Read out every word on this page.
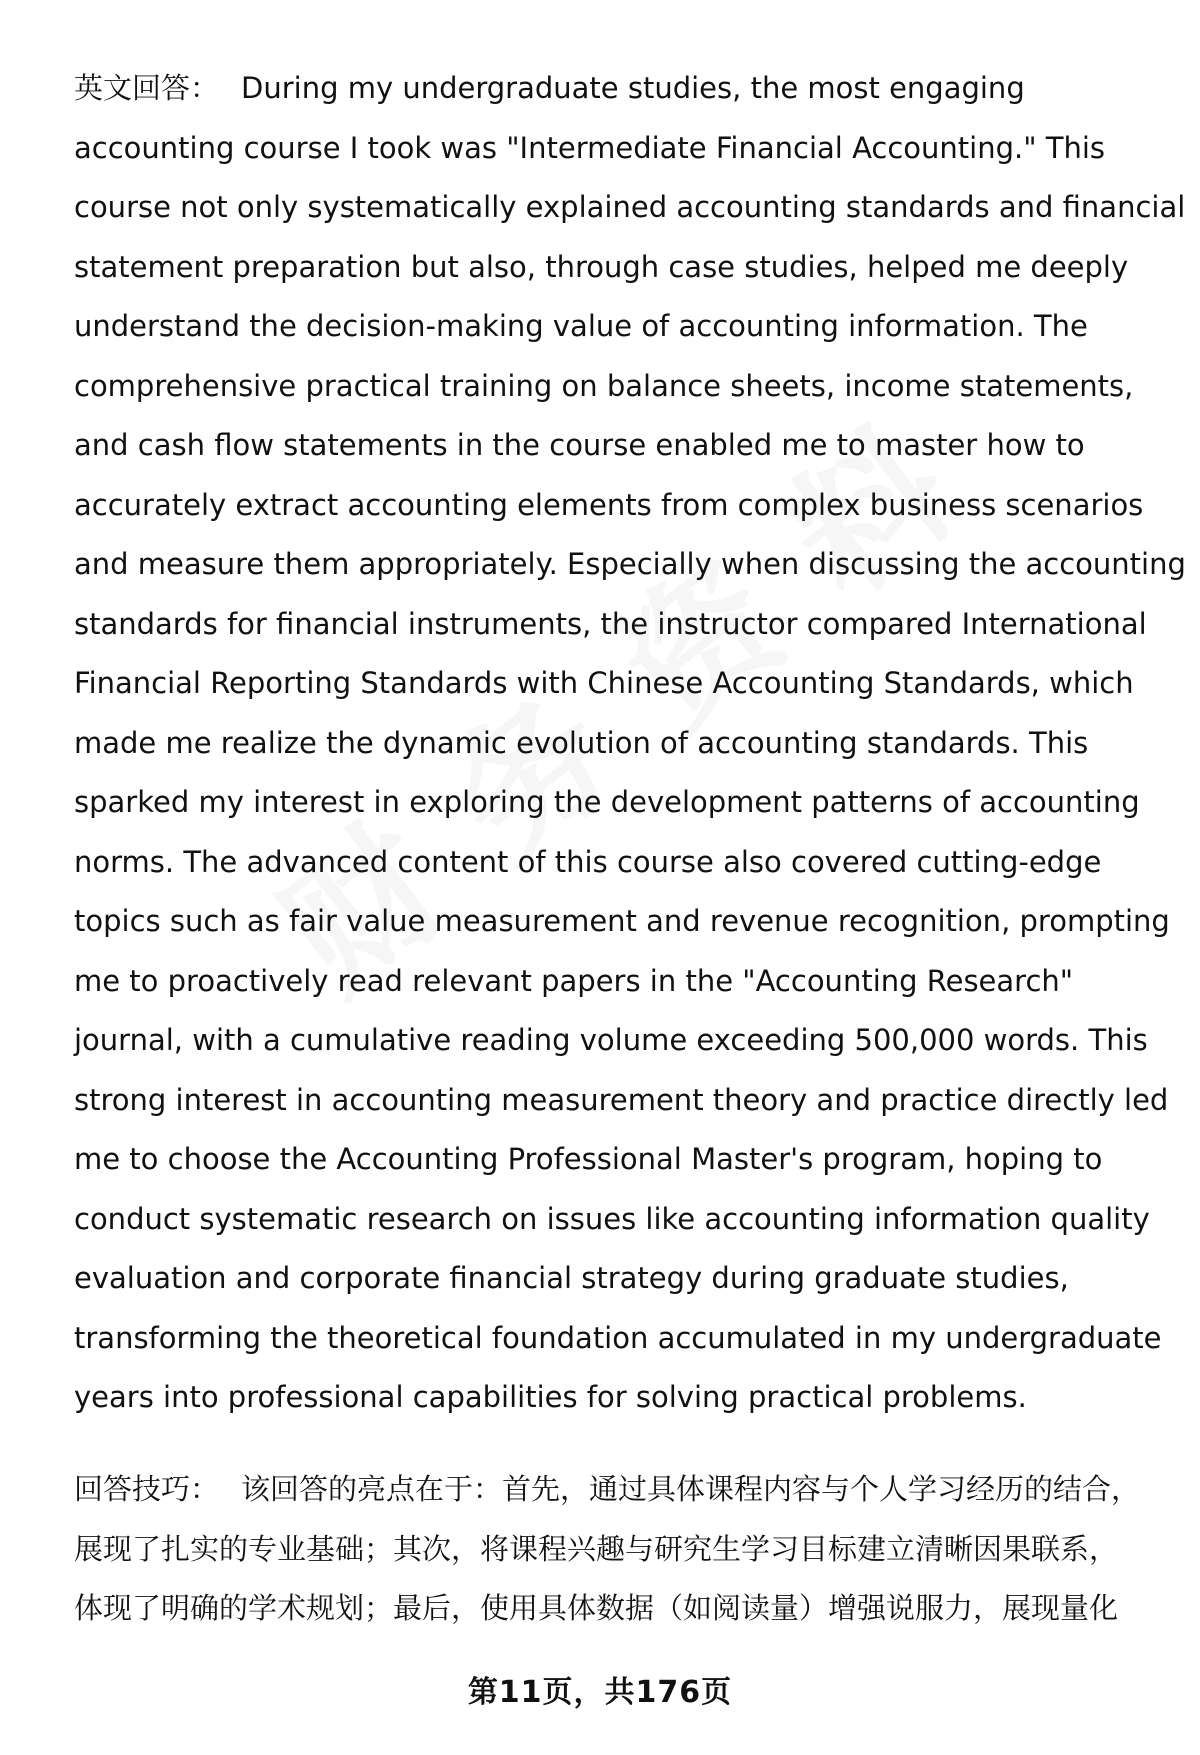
英文回答： During my undergraduate studies, the most engaging
accounting course I took was "Intermediate Financial Accounting." This
course not only systematically explained accounting standards and financial
statement preparation but also, through case studies, helped me deeply
understand the decision-making value of accounting information. The
comprehensive practical training on balance sheets, income statements,
and cash flow statements in the course enabled me to master how to
accurately extract accounting elements from complex business scenarios
and measure them appropriately. Especially when discussing the accounting
standards for financial instruments, the instructor compared International
Financial Reporting Standards with Chinese Accounting Standards, which
made me realize the dynamic evolution of accounting standards. This
sparked my interest in exploring the development patterns of accounting
norms. The advanced content of this course also covered cutting-edge
topics such as fair value measurement and revenue recognition, prompting
me to proactively read relevant papers in the "Accounting Research"
journal, with a cumulative reading volume exceeding 500,000 words. This
strong interest in accounting measurement theory and practice directly led
me to choose the Accounting Professional Master's program, hoping to
conduct systematic research on issues like accounting information quality
evaluation and corporate financial strategy during graduate studies,
transforming the theoretical foundation accumulated in my undergraduate
years into professional capabilities for solving practical problems.
回答技巧： 该回答的亮点在于：首先，通过具体课程内容与个人学习经历的结合，
展现了扎实的专业基础；其次，将课程兴趣与研究生学习目标建立清晰因果联系，
体现了明确的学术规划；最后，使用具体数据（如阅读量）增强说服力，展现量化
第11页，共176页
